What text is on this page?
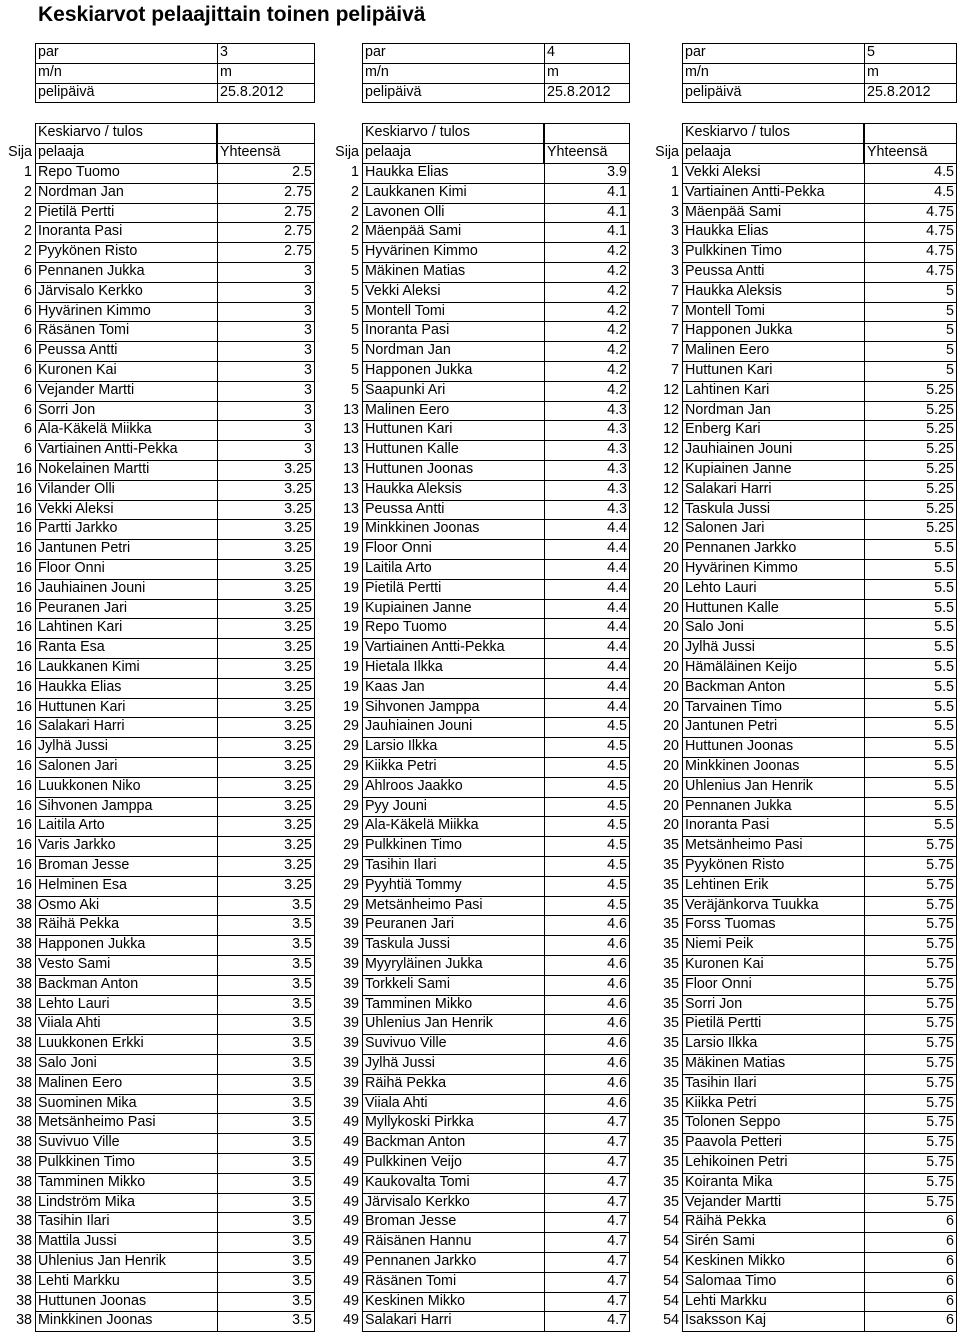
Keskiarvot pelaajittain toinen pelipäivä
par	3
m/n	m
pelipäivä	25.8.2012
Keskiarvo / tulos
Sija pelaaja	Yhteensä
1 Repo Tuomo	2.5
2 Nordman Jan	2.75
2 Pietilä Pertti	2.75
2 Inoranta Pasi	2.75
2 Pyykönen Risto	2.75
6 Pennanen Jukka	3
6 Järvisalo Kerkko	3
6 Hyvärinen Kimmo	3
6 Räsänen Tomi	3
6 Peussa Antti	3
6 Kuronen Kai	3
6 Vejander Martti	3
6 Sorri Jon	3
6 Ala-Käkelä Miikka	3
6 Vartiainen Antti-Pekka	3
16 Nokelainen Martti	3.25
16 Vilander Olli	3.25
16 Vekki Aleksi	3.25
16 Partti Jarkko	3.25
16 Jantunen Petri	3.25
16 Floor Onni	3.25
16 Jauhiainen Jouni	3.25
16 Peuranen Jari	3.25
16 Lahtinen Kari	3.25
16 Ranta Esa	3.25
16 Laukkanen Kimi	3.25
16 Haukka Elias	3.25
16 Huttunen Kari	3.25
16 Salakari Harri	3.25
16 Jylhä Jussi	3.25
16 Salonen Jari	3.25
16 Luukkonen Niko	3.25
16 Sihvonen Jamppa	3.25
16 Laitila Arto	3.25
16 Varis Jarkko	3.25
16 Broman Jesse	3.25
16 Helminen Esa	3.25
38 Osmo Aki	3.5
38 Räihä Pekka	3.5
38 Happonen Jukka	3.5
38 Vesto Sami	3.5
38 Backman Anton	3.5
38 Lehto Lauri	3.5
38 Viiala Ahti	3.5
38 Luukkonen Erkki	3.5
38 Salo Joni	3.5
38 Malinen Eero	3.5
38 Suominen Mika	3.5
38 Metsänheimo Pasi	3.5
38 Suvivuo Ville	3.5
38 Pulkkinen Timo	3.5
38 Tamminen Mikko	3.5
38 Lindström Mika	3.5
38 Tasihin Ilari	3.5
38 Mattila Jussi	3.5
38 Uhlenius Jan Henrik	3.5
38 Lehti Markku	3.5
38 Huttunen Joonas	3.5
38 Minkkinen Joonas	3.5
par	4
m/n	m
pelipäivä	25.8.2012
Keskiarvo / tulos
Sija pelaaja	Yhteensä
1 Haukka Elias	3.9
2 Laukkanen Kimi	4.1
2 Lavonen Olli	4.1
2 Mäenpää Sami	4.1
5 Hyvärinen Kimmo	4.2
5 Mäkinen Matias	4.2
5 Vekki Aleksi	4.2
5 Montell Tomi	4.2
5 Inoranta Pasi	4.2
5 Nordman Jan	4.2
5 Happonen Jukka	4.2
5 Saapunki Ari	4.2
13 Malinen Eero	4.3
13 Huttunen Kari	4.3
13 Huttunen Kalle	4.3
13 Huttunen Joonas	4.3
13 Haukka Aleksis	4.3
13 Peussa Antti	4.3
19 Minkkinen Joonas	4.4
19 Floor Onni	4.4
19 Laitila Arto	4.4
19 Pietilä Pertti	4.4
19 Kupiainen Janne	4.4
19 Repo Tuomo	4.4
19 Vartiainen Antti-Pekka	4.4
19 Hietala Ilkka	4.4
19 Kaas Jan	4.4
19 Sihvonen Jamppa	4.4
29 Jauhiainen Jouni	4.5
29 Larsio Ilkka	4.5
29 Kiikka Petri	4.5
29 Ahlroos Jaakko	4.5
29 Pyy Jouni	4.5
29 Ala-Käkelä Miikka	4.5
29 Pulkkinen Timo	4.5
29 Tasihin Ilari	4.5
29 Pyyhtiä Tommy	4.5
29 Metsänheimo Pasi	4.5
39 Peuranen Jari	4.6
39 Taskula Jussi	4.6
39 Myyryläinen Jukka	4.6
39 Torkkeli Sami	4.6
39 Tamminen Mikko	4.6
39 Uhlenius Jan Henrik	4.6
39 Suvivuo Ville	4.6
39 Jylhä Jussi	4.6
39 Räihä Pekka	4.6
39 Viiala Ahti	4.6
49 Myllykoski Pirkka	4.7
49 Backman Anton	4.7
49 Pulkkinen Veijo	4.7
49 Kaukovalta Tomi	4.7
49 Järvisalo Kerkko	4.7
49 Broman Jesse	4.7
49 Räisänen Hannu	4.7
49 Pennanen Jarkko	4.7
49 Räsänen Tomi	4.7
49 Keskinen Mikko	4.7
49 Salakari Harri	4.7
par	5
m/n	m
pelipäivä	25.8.2012
Keskiarvo / tulos
Sija pelaaja	Yhteensä
1 Vekki Aleksi	4.5
1 Vartiainen Antti-Pekka	4.5
3 Mäenpää Sami	4.75
3 Haukka Elias	4.75
3 Pulkkinen Timo	4.75
3 Peussa Antti	4.75
7 Haukka Aleksis	5
7 Montell Tomi	5
7 Happonen Jukka	5
7 Malinen Eero	5
7 Huttunen Kari	5
12 Lahtinen Kari	5.25
12 Nordman Jan	5.25
12 Enberg Kari	5.25
12 Jauhiainen Jouni	5.25
12 Kupiainen Janne	5.25
12 Salakari Harri	5.25
12 Taskula Jussi	5.25
12 Salonen Jari	5.25
20 Pennanen Jarkko	5.5
20 Hyvärinen Kimmo	5.5
20 Lehto Lauri	5.5
20 Huttunen Kalle	5.5
20 Salo Joni	5.5
20 Jylhä Jussi	5.5
20 Hämäläinen Keijo	5.5
20 Backman Anton	5.5
20 Tarvainen Timo	5.5
20 Jantunen Petri	5.5
20 Huttunen Joonas	5.5
20 Minkkinen Joonas	5.5
20 Uhlenius Jan Henrik	5.5
20 Pennanen Jukka	5.5
20 Inoranta Pasi	5.5
35 Metsänheimo Pasi	5.75
35 Pyykönen Risto	5.75
35 Lehtinen Erik	5.75
35 Veräjänkorva Tuukka	5.75
35 Forss Tuomas	5.75
35 Niemi Peik	5.75
35 Kuronen Kai	5.75
35 Floor Onni	5.75
35 Sorri Jon	5.75
35 Pietilä Pertti	5.75
35 Larsio Ilkka	5.75
35 Mäkinen Matias	5.75
35 Tasihin Ilari	5.75
35 Kiikka Petri	5.75
35 Tolonen Seppo	5.75
35 Paavola Petteri	5.75
35 Lehikoinen Petri	5.75
35 Koiranta Mika	5.75
35 Vejander Martti	5.75
54 Räihä Pekka	6
54 Sirén Sami	6
54 Keskinen Mikko	6
54 Salomaa Timo	6
54 Lehti Markku	6
54 Isaksson Kaj	6
